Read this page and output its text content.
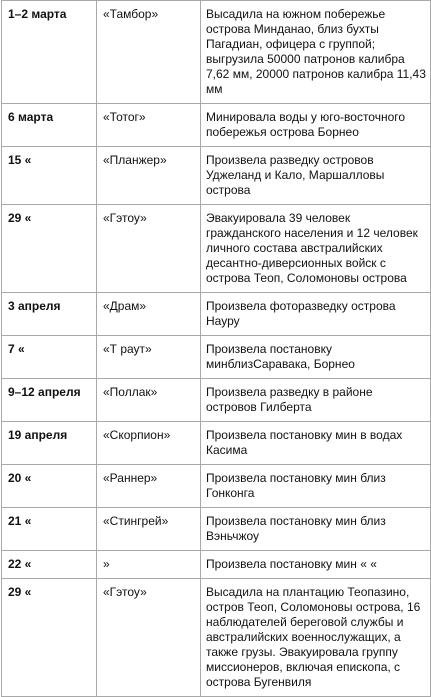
1–2 марта	«Тамбор»	Высадила на южном побережье острова Минданао, близ бухты Пагадиан, офицера с группой; выгрузила 50000 патронов калибра 7,62 мм, 20000 патронов калибра 11,43 мм
6 марта	«Тотог»	Минировала воды у юго-восточного побережья острова Борнео
15 «	«Планжер»	Произвела разведку островов Уджеланд и Кало, Маршалловы острова
29 «	«Гэтоу»	Эвакуировала 39 человек гражданского населения и 12 человек личного состава австралийских десантно-диверсионных войск с острова Теоп, Соломоновы острова
3 апреля	«Драм»	Произвела фоторазведку острова Науру
7 «	«Т раут»	Произвела постановку минблизСаравака, Борнео
9–12 апреля	«Поллак»	Произвела разведку в районе островов Гилберта
19 апреля	«Скорпион»	Произвела постановку мин в водах Касима
20 «	«Раннер»	Произвела постановку мин близ Гонконга
21 «	«Стингрей»	Произвела постановку мин близ Вэньчжоу
22 «	»	Произвела постановку мин « «
29 «	«Гэтоу»	Высадила на плантацию Теопазино, остров Теоп, Соломоновы острова, 16 наблюдателей береговой службы и австралийских военнослужащих, а также грузы. Эвакуировала группу миссионеров, включая епископа, с острова Бугенвиля
